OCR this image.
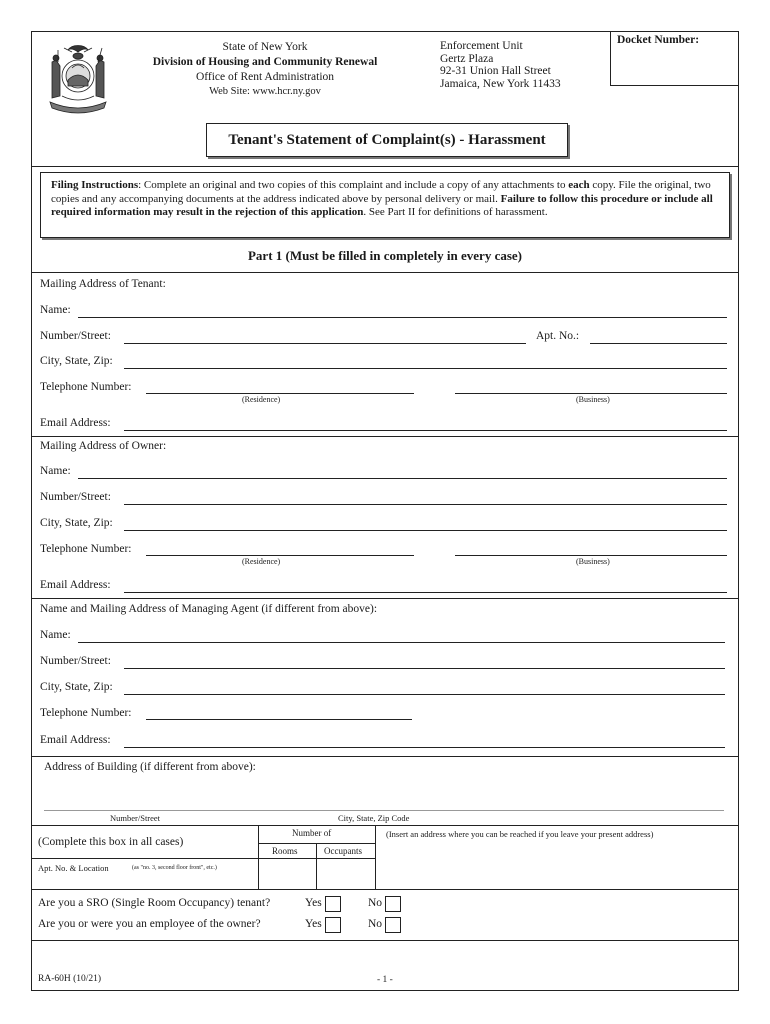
State of New York
Division of Housing and Community Renewal
Office of Rent Administration
Web Site: www.hcr.ny.gov
Enforcement Unit
Gertz Plaza
92-31 Union Hall Street
Jamaica, New York 11433
Docket Number:
Tenant's Statement of Complaint(s) - Harassment
Filing Instructions: Complete an original and two copies of this complaint and include a copy of any attachments to each copy. File the original, two copies and any accompanying documents at the address indicated above by personal delivery or mail. Failure to follow this procedure or include all required information may result in the rejection of this application. See Part II for definitions of harassment.
Part 1 (Must be filled in completely in every case)
Mailing Address of Tenant:
Name:
Number/Street:	Apt. No.:
City, State, Zip:
Telephone Number:
(Residence)	(Business)
Email Address:
Mailing Address of Owner:
Name:
Number/Street:
City, State, Zip:
Telephone Number:
(Residence)	(Business)
Email Address:
Name and Mailing Address of Managing Agent (if different from above):
Name:
Number/Street:
City, State, Zip:
Telephone Number:
Email Address:
Address of Building (if different from above):
Number/Street	City, State, Zip Code
(Complete this box in all cases)
Number of
Rooms	Occupants
(Insert an address where you can be reached if you leave your present address)
Apt. No. & Location	(as "no. 3, second floor front", etc.)
Are you a SRO (Single Room Occupancy) tenant?	Yes	No
Are you or were you an employee of the owner?	Yes	No
RA-60H (10/21)	- 1 -
